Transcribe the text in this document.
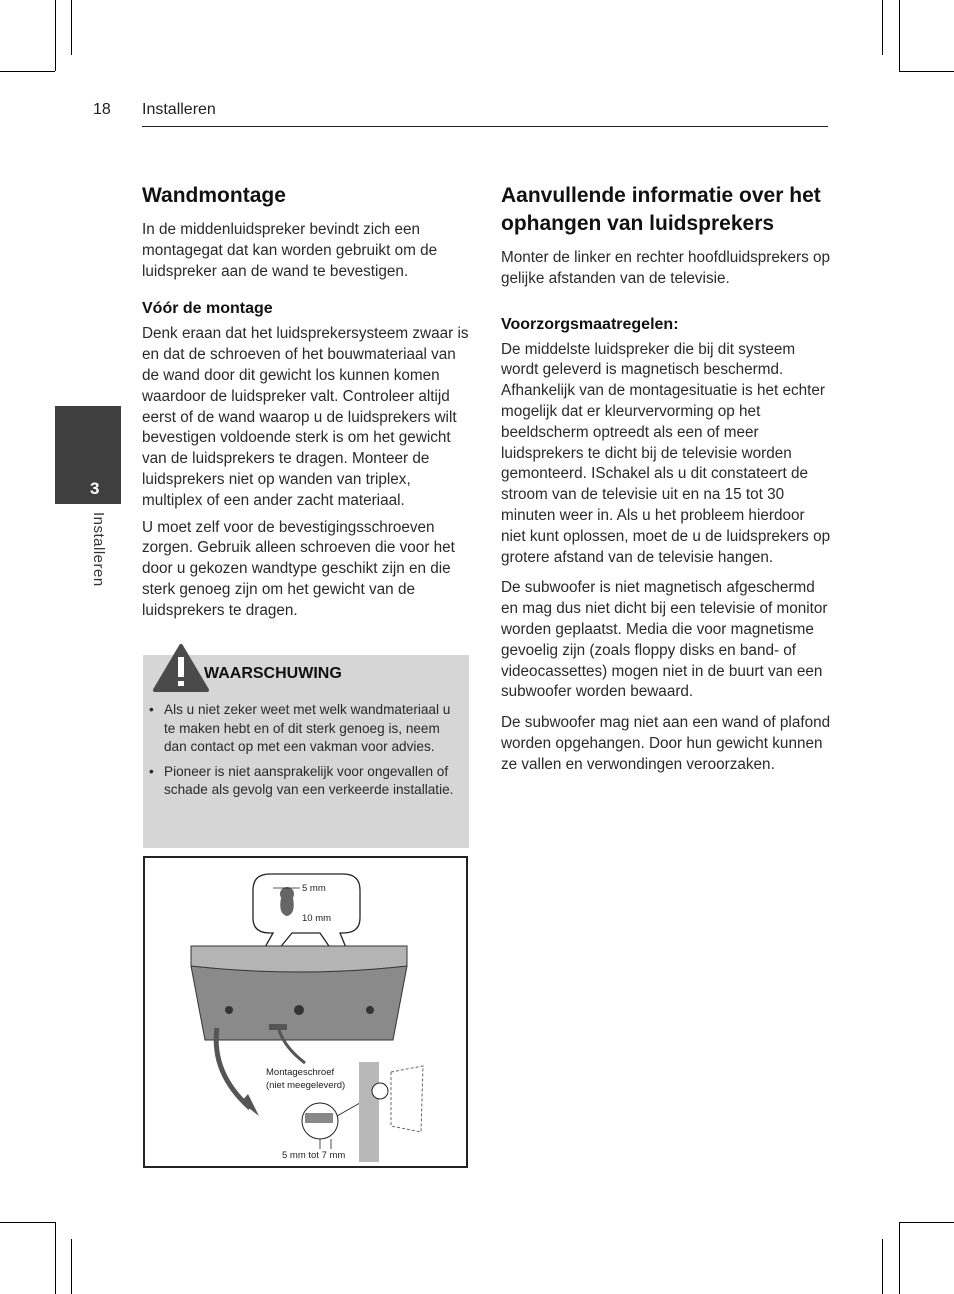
18 Installeren
3
Installeren
Wandmontage

In de middenluidspreker bevindt zich een montagegat dat kan worden gebruikt om de luidspreker aan de wand te bevestigen.

Vóór de montage

Denk eraan dat het luidsprekersysteem zwaar is en dat de schroeven of het bouwmateriaal van de wand door dit gewicht los kunnen komen waardoor de luidspreker valt. Controleer altijd eerst of de wand waarop u de luidsprekers wilt bevestigen voldoende sterk is om het gewicht van de luidsprekers te dragen. Monteer de luidsprekers niet op wanden van triplex, multiplex of een ander zacht materiaal.

U moet zelf voor de bevestigingsschroeven zorgen. Gebruik alleen schroeven die voor het door u gekozen wandtype geschikt zijn en die sterk genoeg zijn om het gewicht van de luidsprekers te dragen.

WAARSCHUWING
• Als u niet zeker weet met welk wandmateriaal u te maken hebt en of dit sterk genoeg is, neem dan contact op met een vakman voor advies.
• Pioneer is niet aansprakelijk voor ongevallen of schade als gevolg van een verkeerde installatie.
5 mm
10 mm
Montageschroef
(niet meegeleverd)
5 mm tot 7 mm
Aanvullende informatie over het ophangen van luidsprekers

Monter de linker en rechter hoofdluidsprekers op gelijke afstanden van de televisie.

Voorzorgsmaatregelen:

De middelste luidspreker die bij dit systeem wordt geleverd is magnetisch beschermd. Afhankelijk van de montagesituatie is het echter mogelijk dat er kleurvervorming op het beeldscherm optreedt als een of meer luidsprekers te dicht bij de televisie worden gemonteerd. ISchakel als u dit constateert de stroom van de televisie uit en na 15 tot 30 minuten weer in. Als u het probleem hierdoor niet kunt oplossen, moet de u de luidsprekers op grotere afstand van de televisie hangen.

De subwoofer is niet magnetisch afgeschermd en mag dus niet dicht bij een televisie of monitor worden geplaatst. Media die voor magnetisme gevoelig zijn (zoals floppy disks en band- of videocassettes) mogen niet in de buurt van een subwoofer worden bewaard.

De subwoofer mag niet aan een wand of plafond worden opgehangen. Door hun gewicht kunnen ze vallen en verwondingen veroorzaken.
